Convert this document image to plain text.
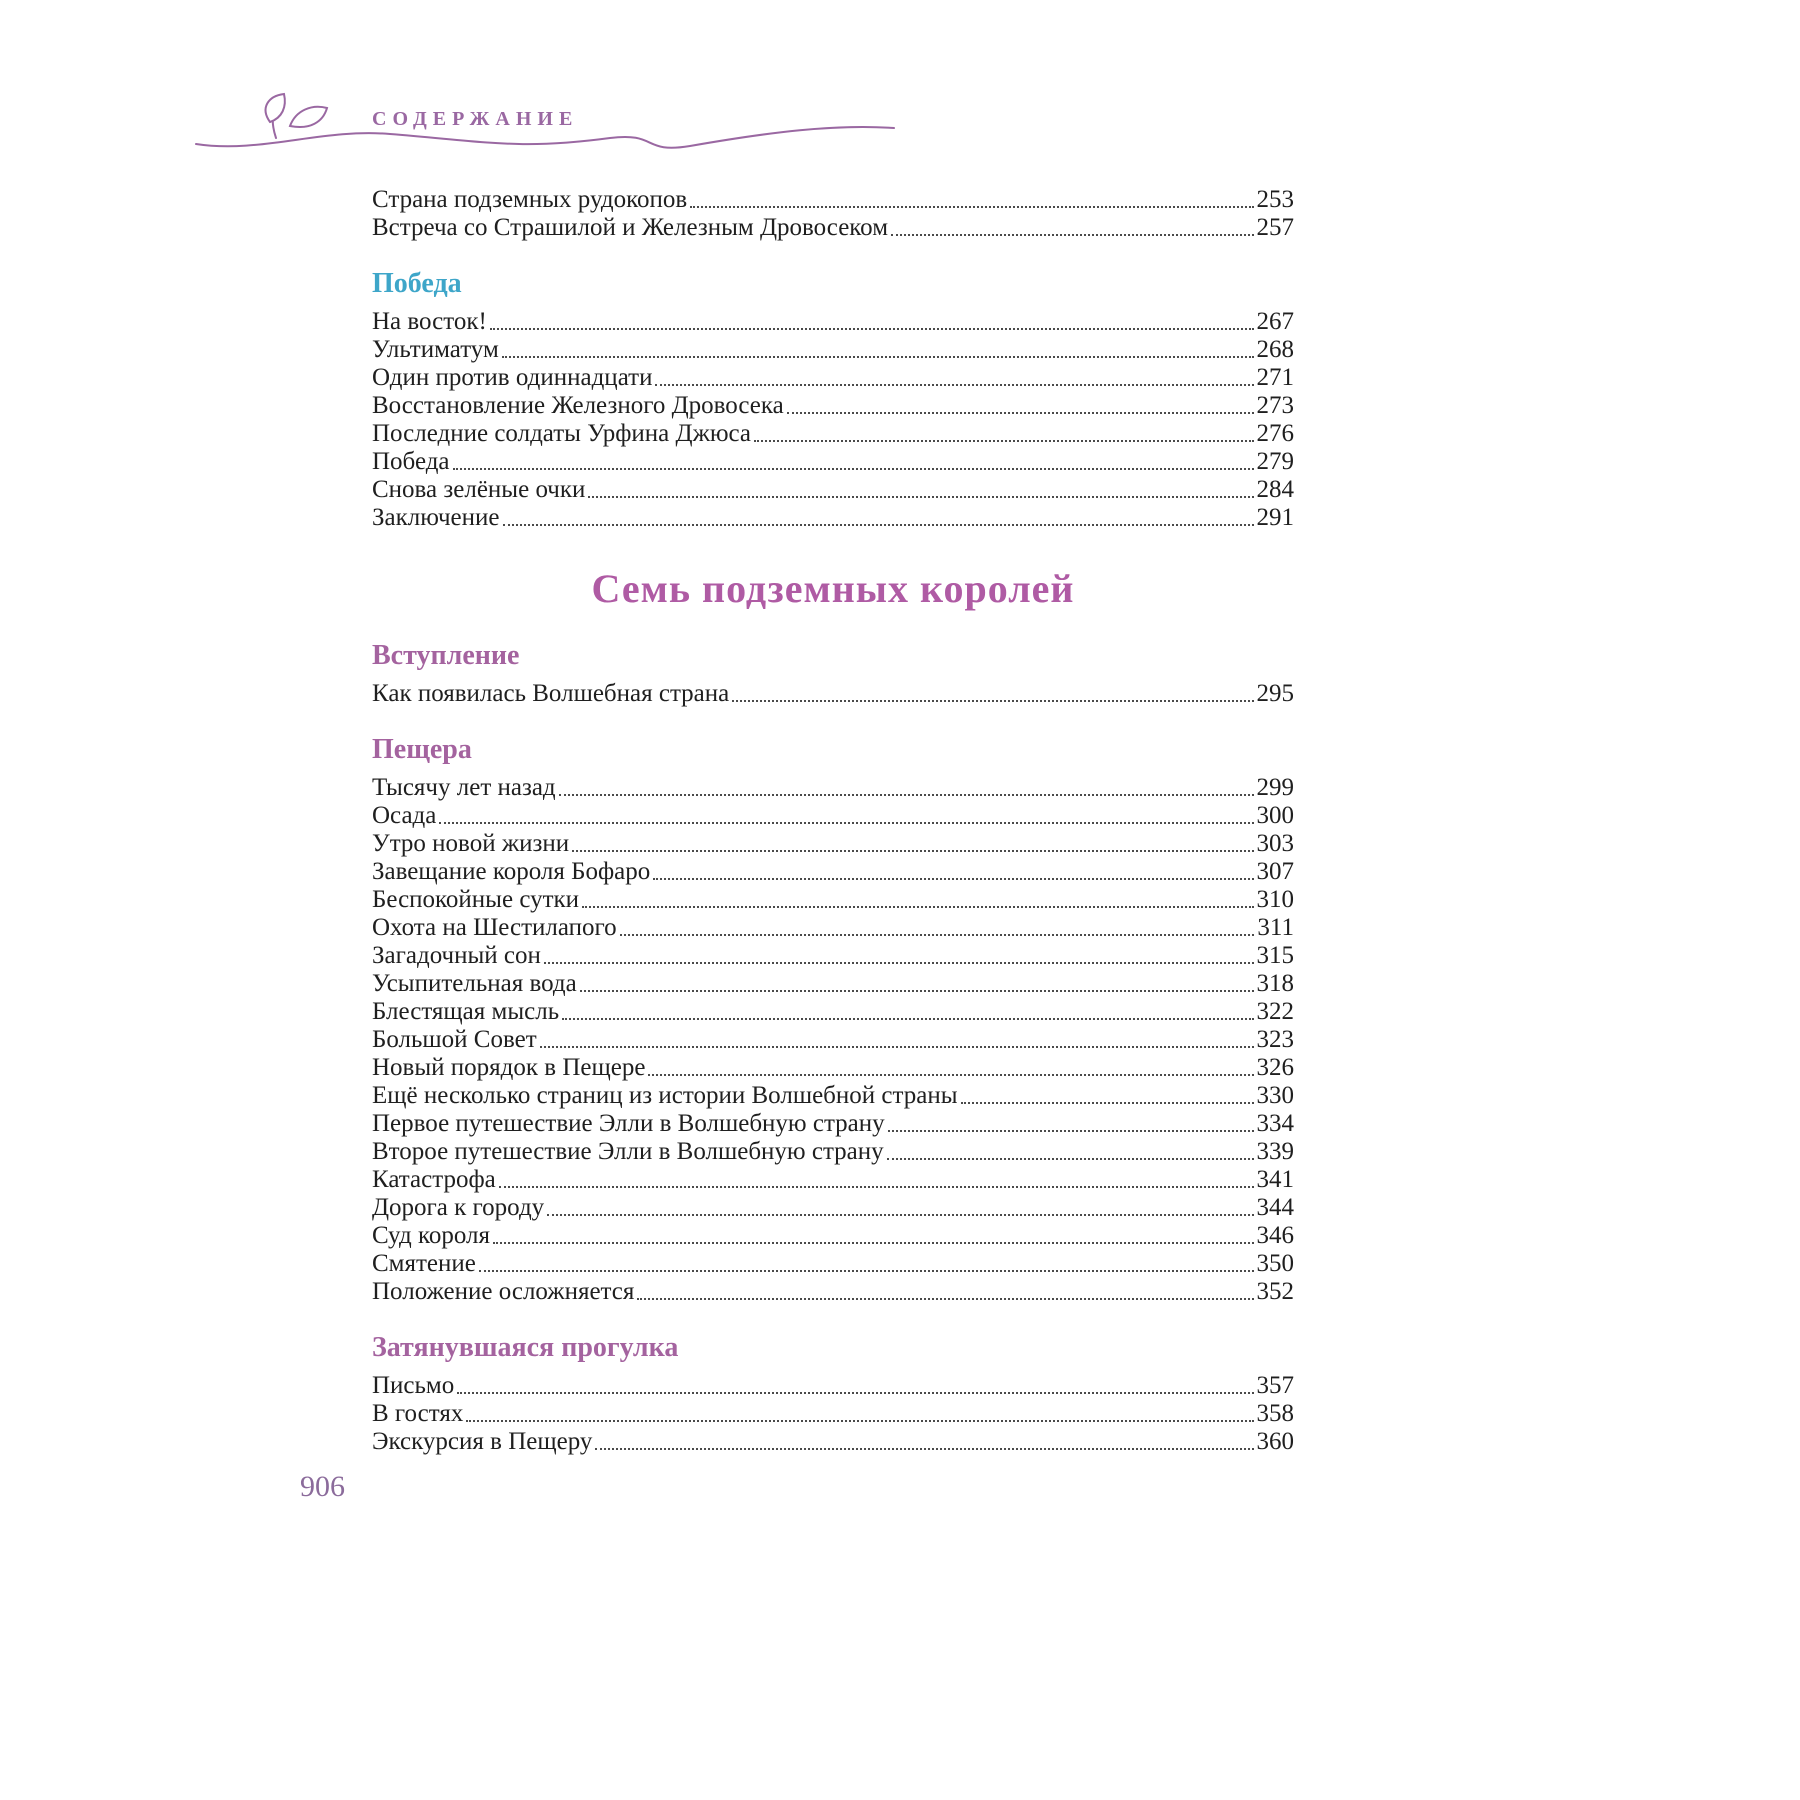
СОДЕРЖАНИЕ
Страна подземных рудокопов	253
Встреча со Страшилой и Железным Дровосеком	257
Победа
На восток!	267
Ультиматум	268
Один против одиннадцати	271
Восстановление Железного Дровосека	273
Последние солдаты Урфина Джюса	276
Победа	279
Снова зелёные очки	284
Заключение	291
Семь подземных королей
Вступление
Как появилась Волшебная страна	295
Пещера
Тысячу лет назад	299
Осада	300
Утро новой жизни	303
Завещание короля Бофаро	307
Беспокойные сутки	310
Охота на Шестилапого	311
Загадочный сон	315
Усыпительная вода	318
Блестящая мысль	322
Большой Совет	323
Новый порядок в Пещере	326
Ещё несколько страниц из истории Волшебной страны	330
Первое путешествие Элли в Волшебную страну	334
Второе путешествие Элли в Волшебную страну	339
Катастрофа	341
Дорога к городу	344
Суд короля	346
Смятение	350
Положение осложняется	352
Затянувшаяся прогулка
Письмо	357
В гостях	358
Экскурсия в Пещеру	360
906
